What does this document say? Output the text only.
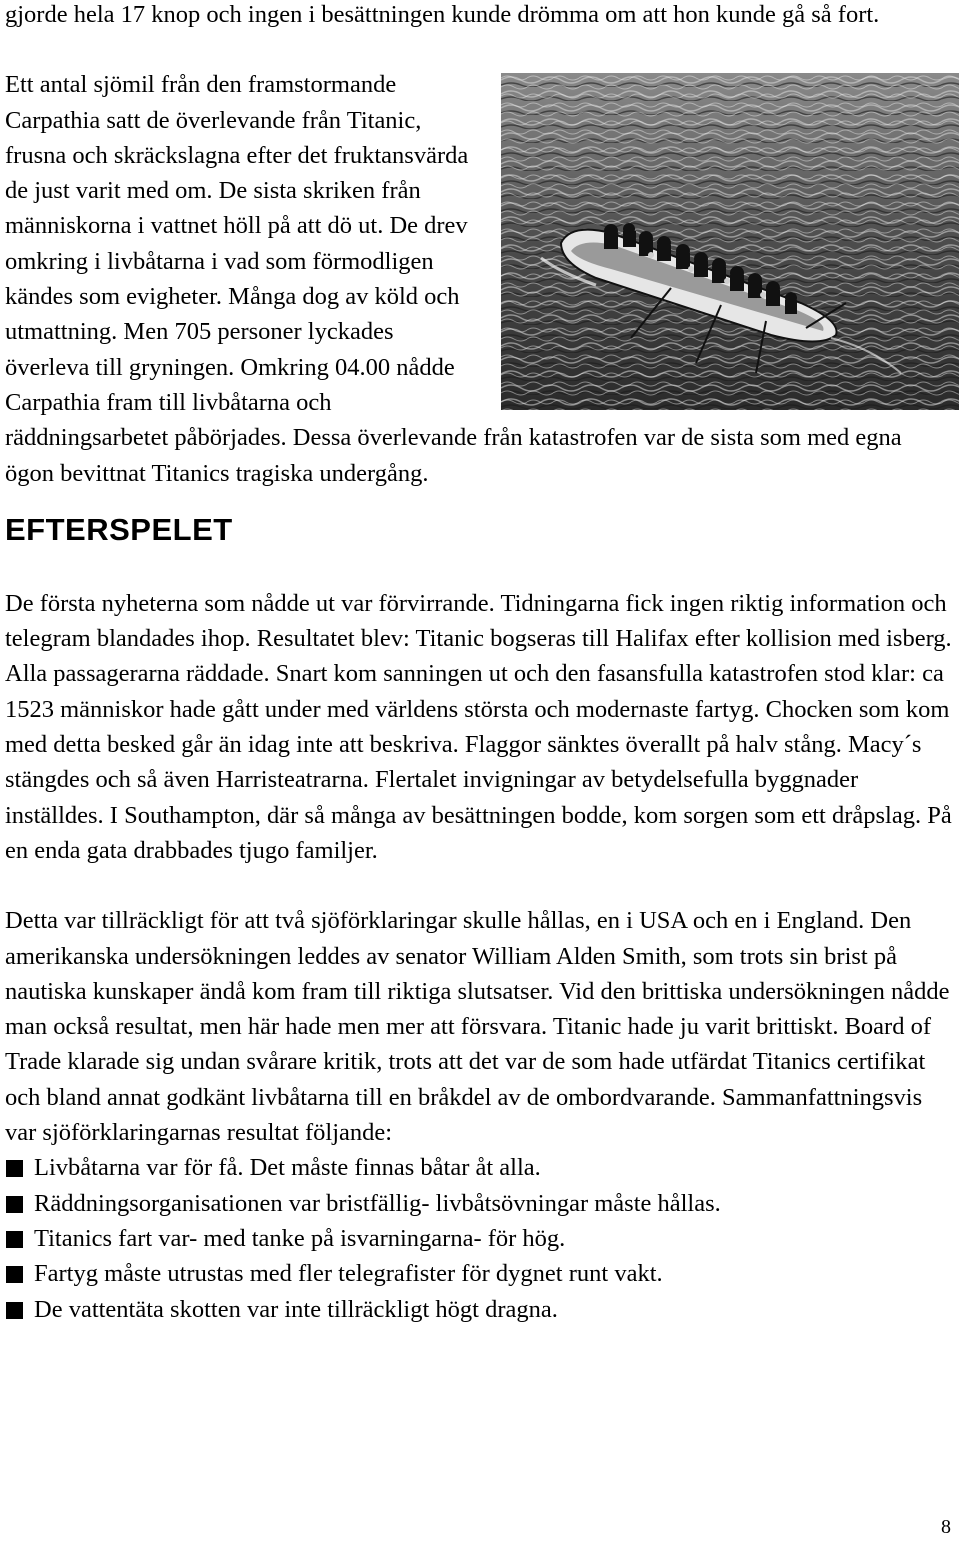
gjorde hela 17 knop och ingen i besättningen kunde drömma om att hon kunde gå så fort.

Ett antal sjömil från den framstormande Carpathia satt de överlevande från Titanic, frusna och skräckslagna efter det fruktansvärda de just varit med om. De sista skriken från människorna i vattnet höll på att dö ut. De drev omkring i livbåtarna i vad som förmodligen kändes som evigheter. Många dog av köld och utmattning. Men 705 personer lyckades överleva till gryningen. Omkring 04.00 nådde Carpathia fram till livbåtarna och räddningsarbetet påbörjades. Dessa överlevande från katastrofen var de sista som med egna ögon bevittnat Titanics tragiska undergång.

EFTERSPELET

De första nyheterna som nådde ut var förvirrande. Tidningarna fick ingen riktig information och telegram blandades ihop. Resultatet blev: Titanic bogseras till Halifax efter kollision med isberg. Alla passagerarna räddade. Snart kom sanningen ut och den fasansfulla katastrofen stod klar: ca 1523 människor hade gått under med världens största och modernaste fartyg. Chocken som kom med detta besked går än idag inte att beskriva. Flaggor sänktes överallt på halv stång. Macy´s stängdes och så även Harristeatrarna. Flertalet invigningar av betydelsefulla byggnader inställdes. I Southampton, där så många av besättningen bodde, kom sorgen som ett dråpslag. På en enda gata drabbades tjugo familjer.

Detta var tillräckligt för att två sjöförklaringar skulle hållas, en i USA och en i England. Den amerikanska undersökningen leddes av senator William Alden Smith, som trots sin brist på nautiska kunskaper ändå kom fram till riktiga slutsatser. Vid den brittiska undersökningen nådde man också resultat, men här hade men mer att försvara. Titanic hade ju varit brittiskt. Board of Trade klarade sig undan svårare kritik, trots att det var de som hade utfärdat Titanics certifikat och bland annat godkänt livbåtarna till en bråkdel av de ombordvarande. Sammanfattningsvis var sjöförklaringarnas resultat följande:

Livbåtarna var för få. Det måste finnas båtar åt alla.
Räddningsorganisationen var bristfällig- livbåtsövningar måste hållas.
Titanics fart var- med tanke på isvarningarna- för hög.
Fartyg måste utrustas med fler telegrafister för dygnet runt vakt.
De vattentäta skotten var inte tillräckligt högt dragna.
8
